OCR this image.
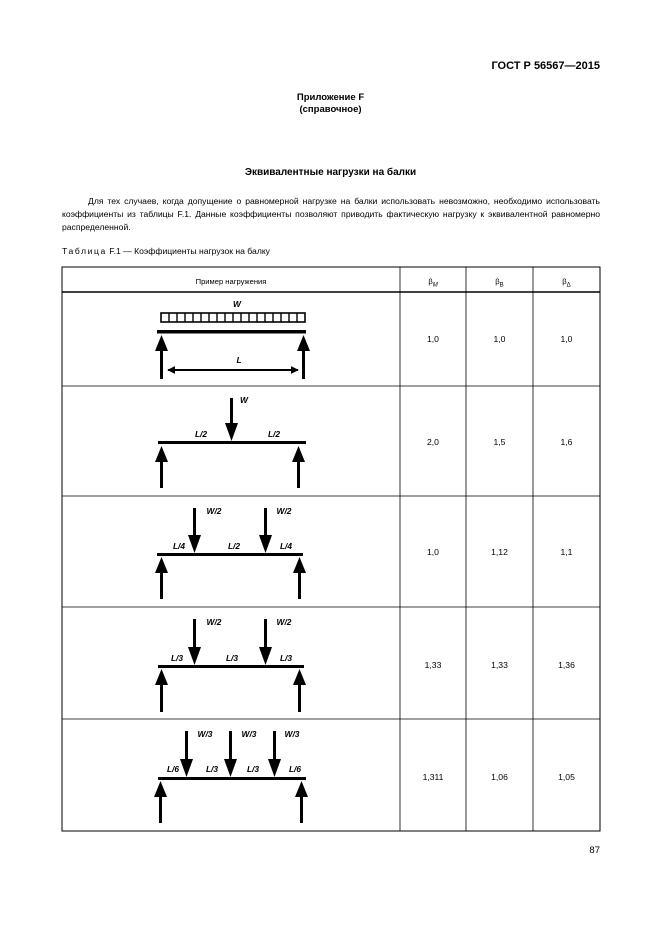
ГОСТ Р 56567—2015
Приложение F
(справочное)
Эквивалентные нагрузки на балки
Для тех случаев, когда допущение о равномерной нагрузке на балки использовать невозможно, необходимо использовать коэффициенты из таблицы F.1. Данные коэффициенты позволяют приводить фактическую нагрузку к эквивалентной равномерно распределенной.
Таблица F.1 — Коэффициенты нагрузок на балку
Пример нагружения	$\beta_M$	$\beta_B$	$\beta_\Delta$
W
L
1,0	1,0	1,0
W
L/2	L/2
2,0	1,5	1,6
W/2	W/2
L/4	L/2	L/4
1,0	1,12	1,1
W/2	W/2
L/3	L/3	L/3
1,33	1,33	1,36
W/3	W/3	W/3
L/6	L/3	L/3	L/6
1,311	1,06	1,05
87
